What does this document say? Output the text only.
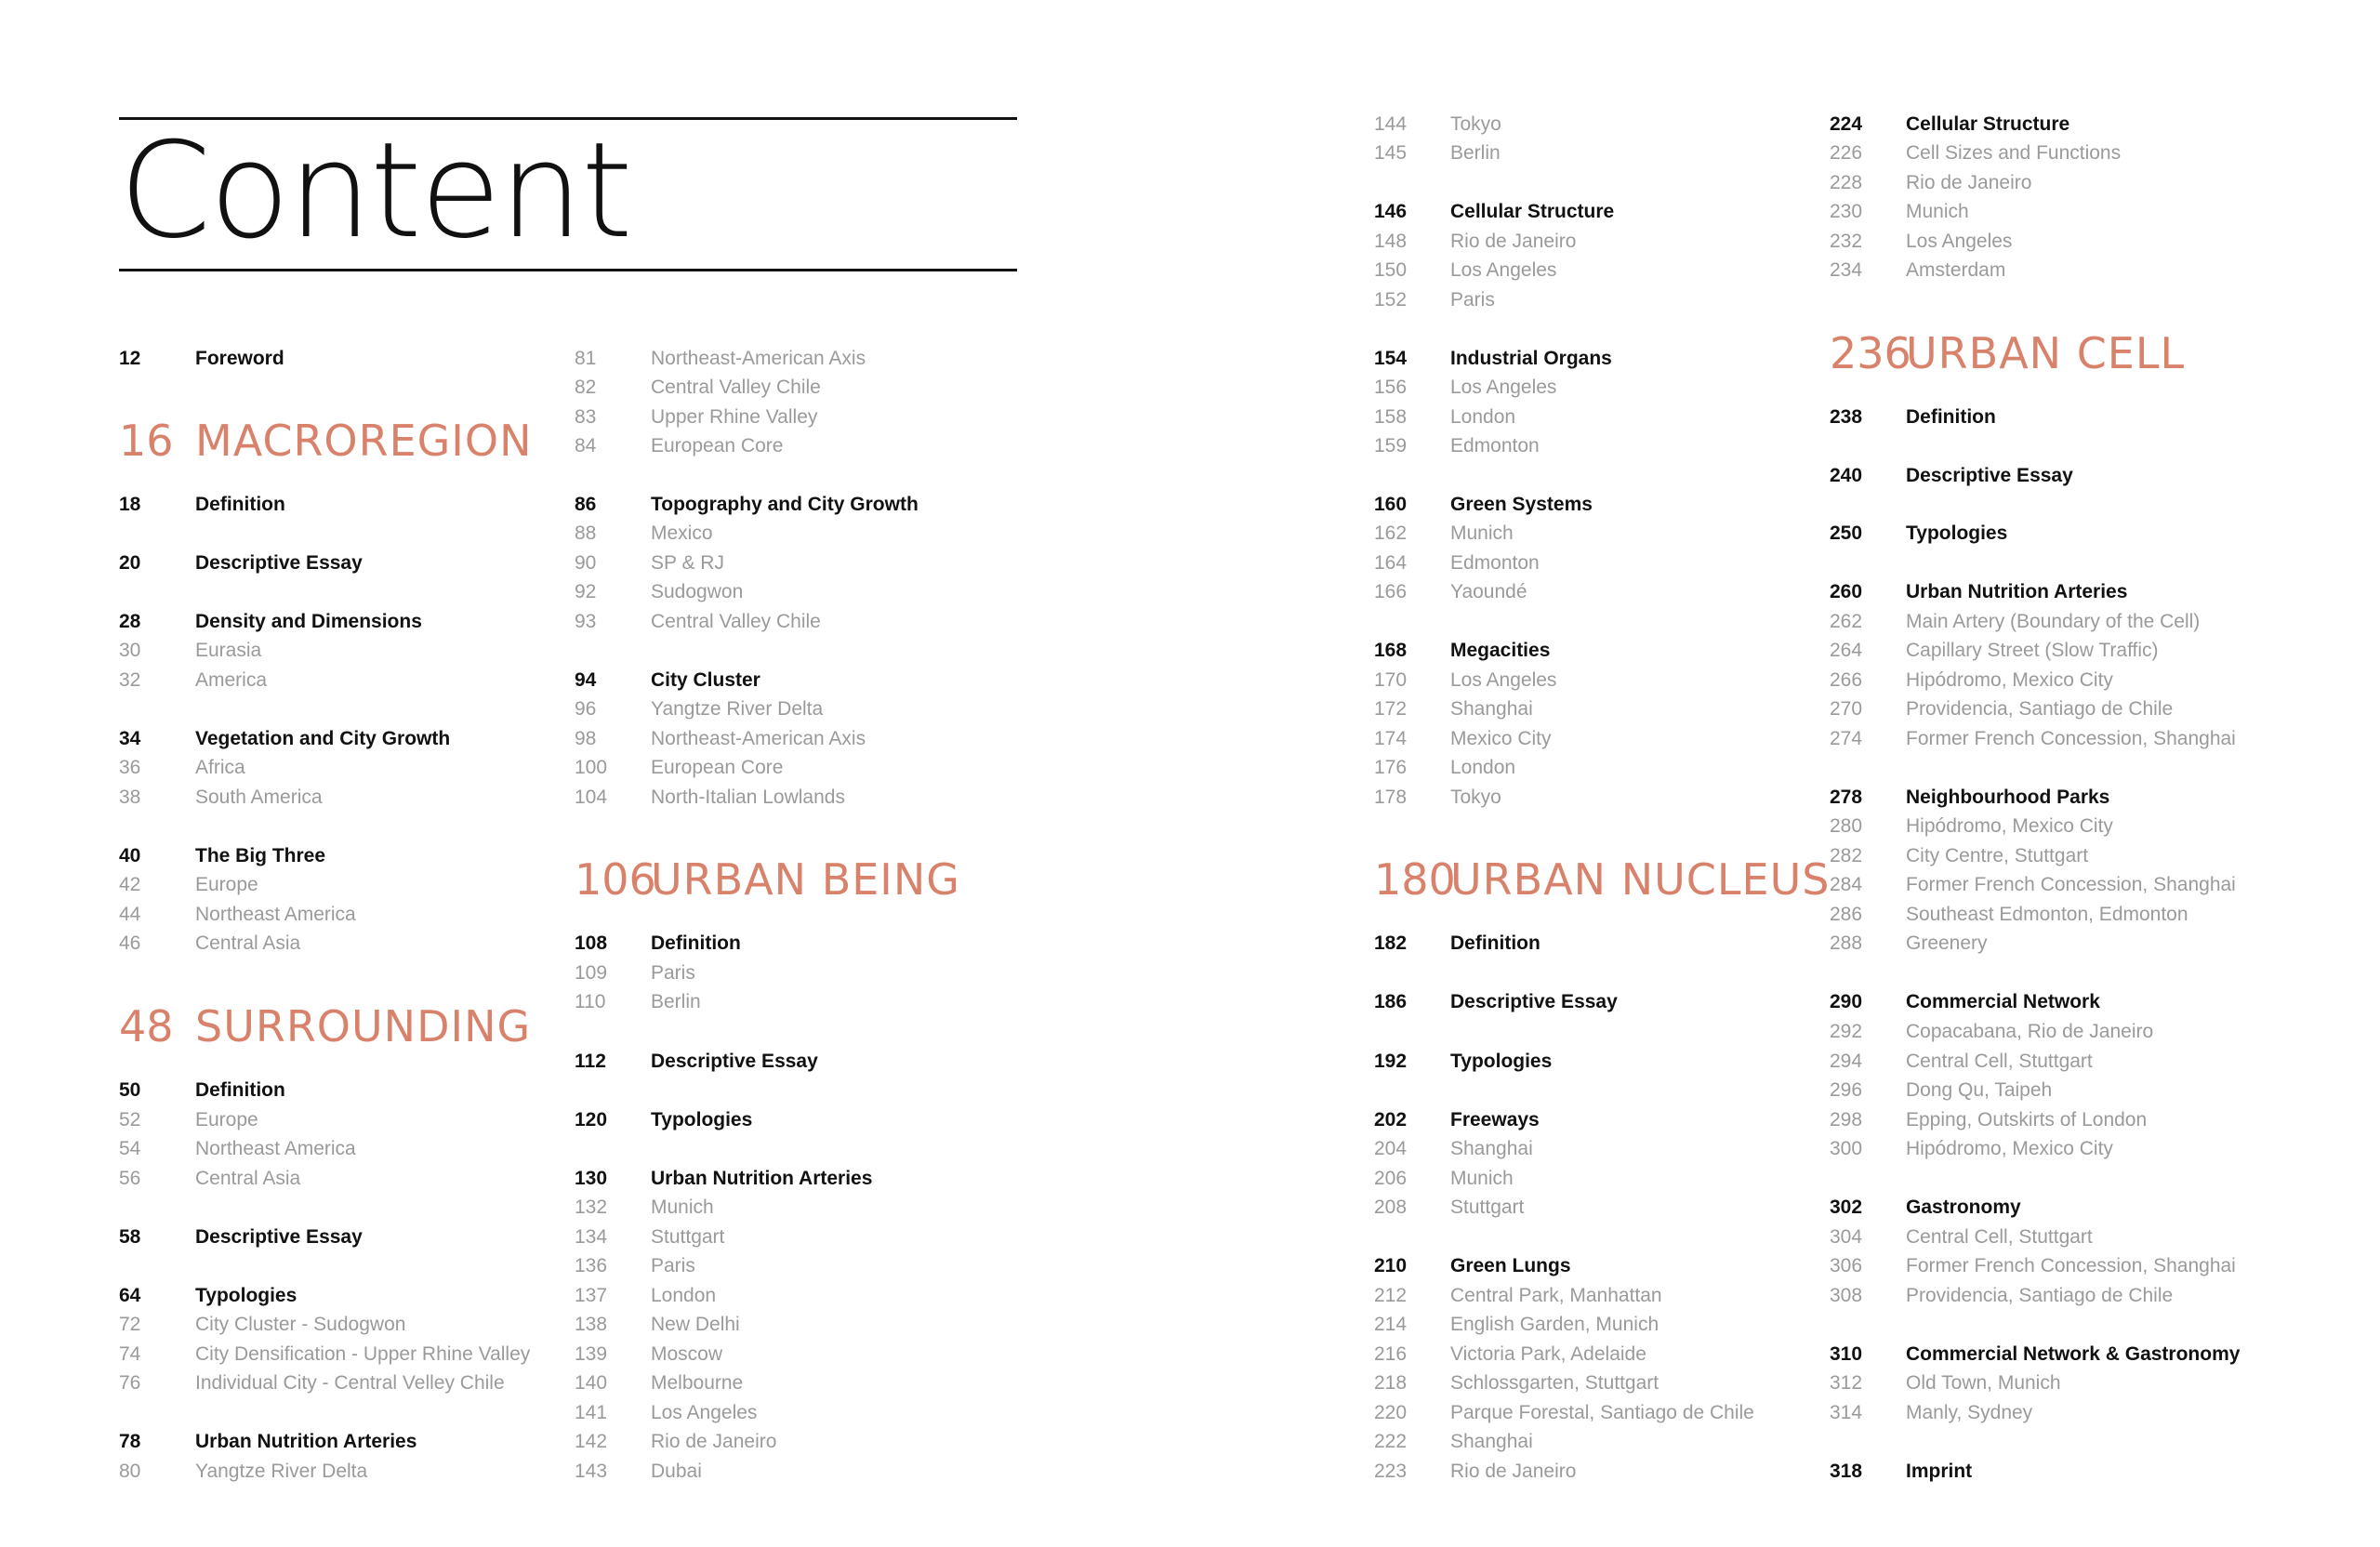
Content
12	Foreword
16 MACROREGION
18	Definition
20	Descriptive Essay
28	Density and Dimensions
30	Eurasia
32	America
34	Vegetation and City Growth
36	Africa
38	South America
40	The Big Three
42	Europe
44	Northeast America
46	Central Asia
48 SURROUNDING
50	Definition
52	Europe
54	Northeast America
56	Central Asia
58	Descriptive Essay
64	Typologies
72	City Cluster - Sudogwon
74	City Densification - Upper Rhine Valley
76	Individual City - Central Velley Chile
78	Urban Nutrition Arteries
80	Yangtze River Delta
81	Northeast-American Axis
82	Central Valley Chile
83	Upper Rhine Valley
84	European Core
86	Topography and City Growth
88	Mexico
90	SP & RJ
92	Sudogwon
93	Central Valley Chile
94	City Cluster
96	Yangtze River Delta
98	Northeast-American Axis
100	European Core
104	North-Italian Lowlands
106
URBAN BEING
108	Definition
109	Paris
110	Berlin
112	Descriptive Essay
120	Typologies
130	Urban Nutrition Arteries
132	Munich
134	Stuttgart
136	Paris
137	London
138	New Delhi
139	Moscow
140	Melbourne
141	Los Angeles
142	Rio de Janeiro
143	Dubai
144	Tokyo
145	Berlin
146	Cellular Structure
148	Rio de Janeiro
150	Los Angeles
152	Paris
154	Industrial Organs
156	Los Angeles
158	London
159	Edmonton
160	Green Systems
162	Munich
164	Edmonton
166	Yaoundé
168	Megacities
170	Los Angeles
172	Shanghai
174	Mexico City
176	London
178	Tokyo
180
URBAN NUCLEUS
182	Definition
186	Descriptive Essay
192	Typologies
202	Freeways
204	Shanghai
206	Munich
208	Stuttgart
210	Green Lungs
212	Central Park, Manhattan
214	English Garden, Munich
216	Victoria Park, Adelaide
218	Schlossgarten, Stuttgart
220	Parque Forestal, Santiago de Chile
222	Shanghai
223	Rio de Janeiro
224	Cellular Structure
226	Cell Sizes and Functions
228	Rio de Janeiro
230	Munich
232	Los Angeles
234	Amsterdam
236
URBAN CELL
238	Definition
240	Descriptive Essay
250	Typologies
260	Urban Nutrition Arteries
262	Main Artery (Boundary of the Cell)
264	Capillary Street (Slow Traffic)
266	Hipódromo, Mexico City
270	Providencia, Santiago de Chile
274	Former French Concession, Shanghai
278	Neighbourhood Parks
280	Hipódromo, Mexico City
282	City Centre, Stuttgart
284	Former French Concession, Shanghai
286	Southeast Edmonton, Edmonton
288	Greenery
290	Commercial Network
292	Copacabana, Rio de Janeiro
294	Central Cell, Stuttgart
296	Dong Qu, Taipeh
298	Epping, Outskirts of London
300	Hipódromo, Mexico City
302	Gastronomy
304	Central Cell, Stuttgart
306	Former French Concession, Shanghai
308	Providencia, Santiago de Chile
310	Commercial Network & Gastronomy
312	Old Town, Munich
314	Manly, Sydney
318	Imprint
